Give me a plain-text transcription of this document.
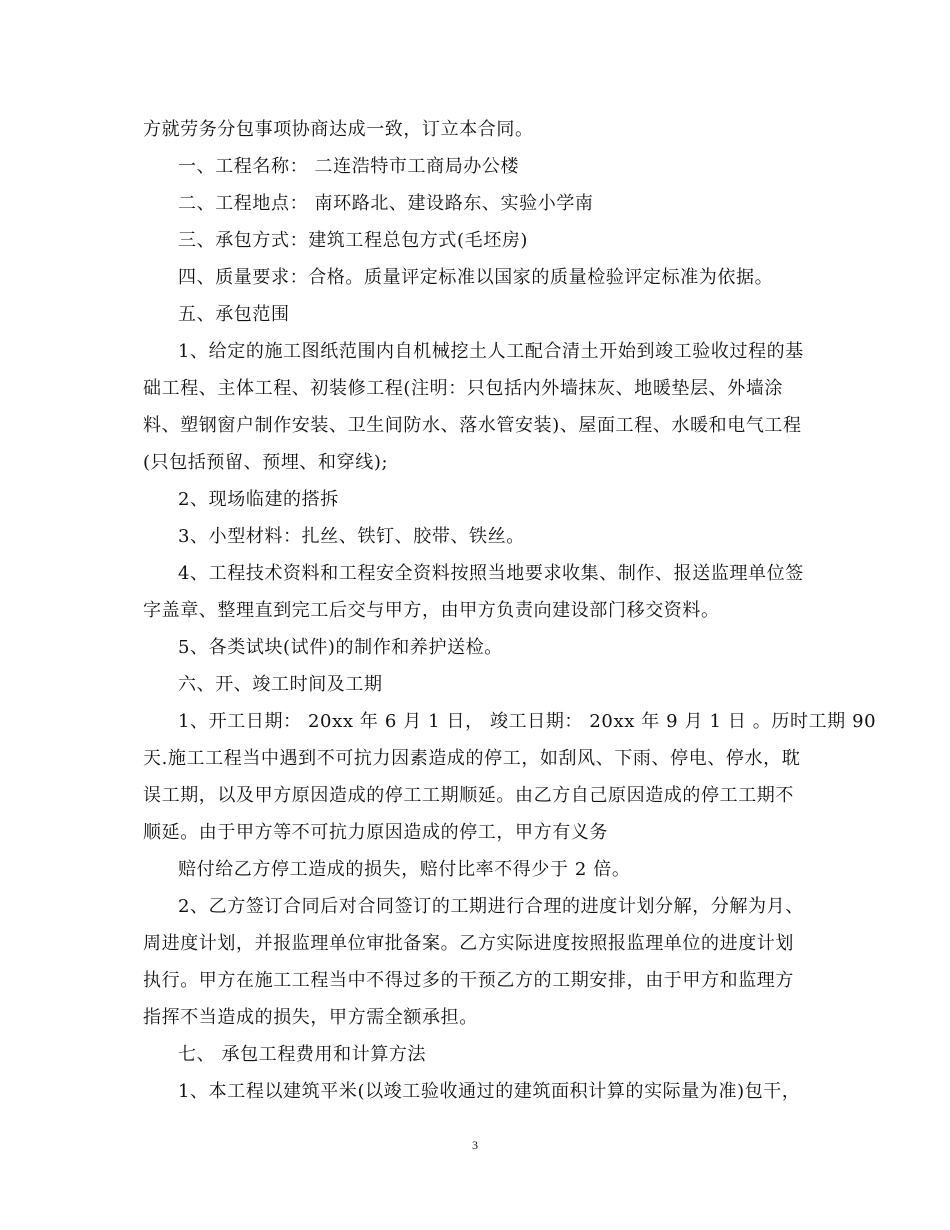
方就劳务分包事项协商达成一致，订立本合同。
一、工程名称： 二连浩特市工商局办公楼
二、工程地点： 南环路北、建设路东、实验小学南
三、承包方式：建筑工程总包方式(毛坯房)
四、质量要求：合格。质量评定标准以国家的质量检验评定标准为依据。
五、承包范围
1、给定的施工图纸范围内自机械挖土人工配合清土开始到竣工验收过程的基
础工程、主体工程、初装修工程(注明：只包括内外墙抹灰、地暖垫层、外墙涂
料、塑钢窗户制作安装、卫生间防水、落水管安装)、屋面工程、水暖和电气工程
(只包括预留、预埋、和穿线);
2、现场临建的搭拆
3、小型材料：扎丝、铁钉、胶带、铁丝。
4、工程技术资料和工程安全资料按照当地要求收集、制作、报送监理单位签
字盖章、整理直到完工后交与甲方，由甲方负责向建设部门移交资料。
5、各类试块(试件)的制作和养护送检。
六、开、竣工时间及工期
1、开工日期： 20xx 年 6 月 1 日， 竣工日期： 20xx 年 9 月 1 日 。历时工期 90
天.施工工程当中遇到不可抗力因素造成的停工，如刮风、下雨、停电、停水，耽
误工期，以及甲方原因造成的停工工期顺延。由乙方自己原因造成的停工工期不
顺延。由于甲方等不可抗力原因造成的停工，甲方有义务
赔付给乙方停工造成的损失，赔付比率不得少于 2 倍。
2、乙方签订合同后对合同签订的工期进行合理的进度计划分解，分解为月、
周进度计划，并报监理单位审批备案。乙方实际进度按照报监理单位的进度计划
执行。甲方在施工工程当中不得过多的干预乙方的工期安排，由于甲方和监理方
指挥不当造成的损失，甲方需全额承担。
七、 承包工程费用和计算方法
1、本工程以建筑平米(以竣工验收通过的建筑面积计算的实际量为准)包干，
3
